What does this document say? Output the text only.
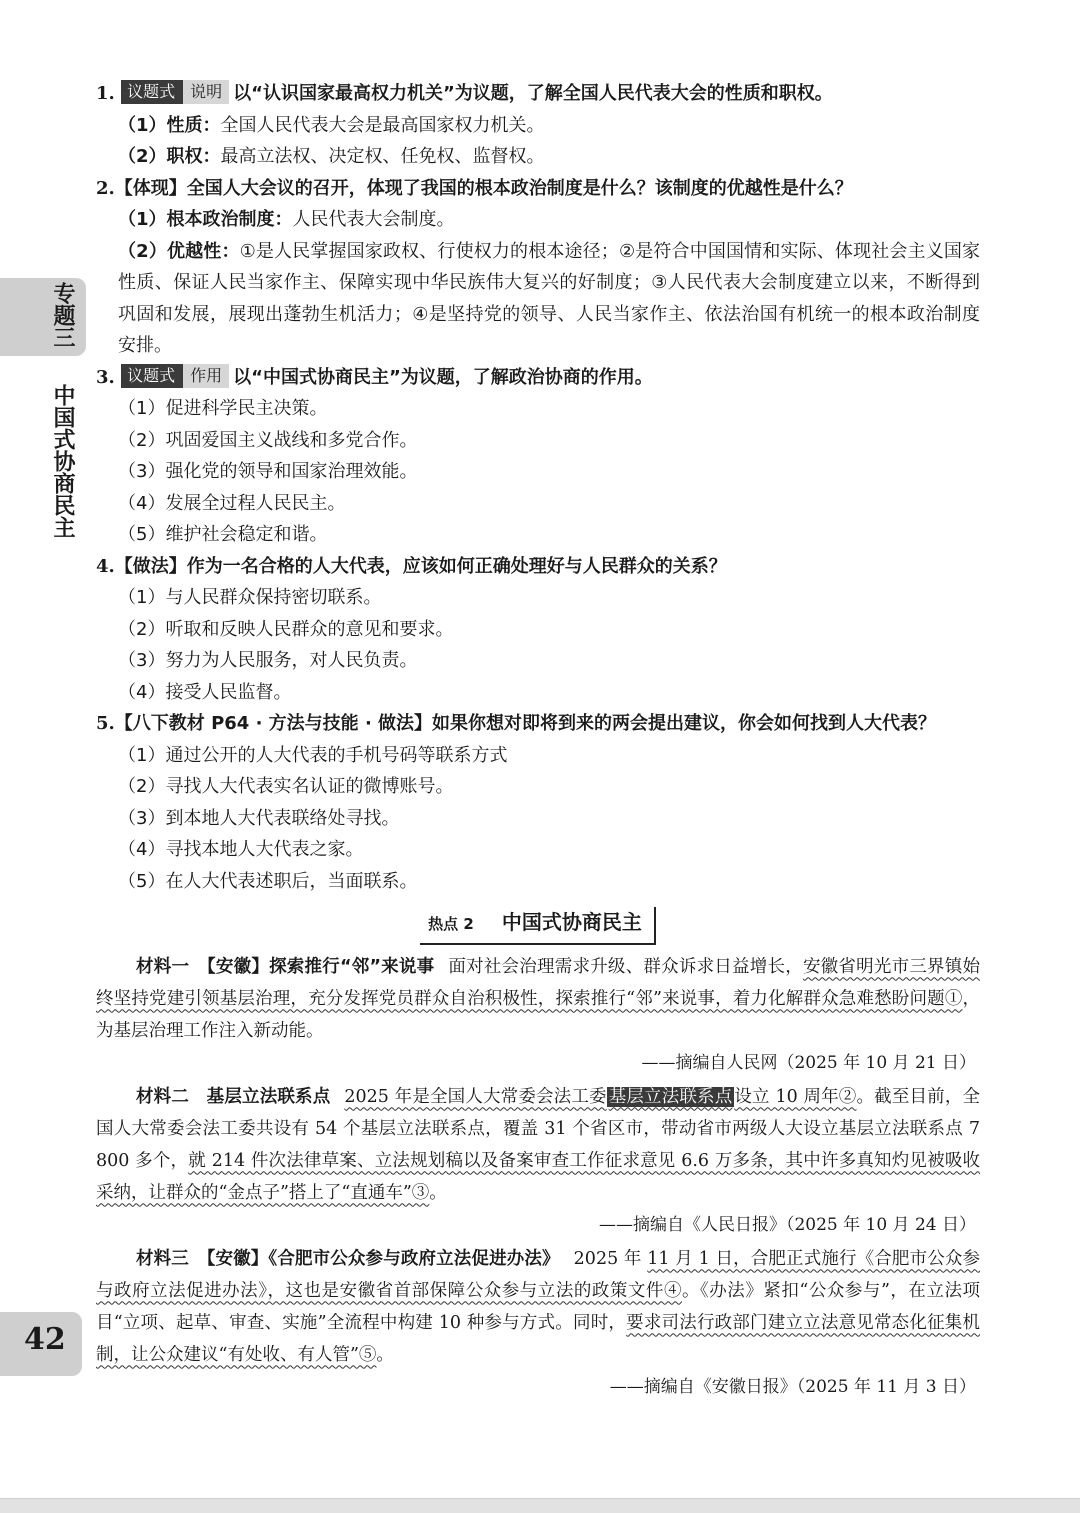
专题三
中国式协商民主
42
1. 议题式 说明 以“认识国家最高权力机关”为议题，了解全国人民代表大会的性质和职权。
（1）性质：全国人民代表大会是最高国家权力机关。
（2）职权：最高立法权、决定权、任免权、监督权。
2.【体现】全国人大会议的召开，体现了我国的根本政治制度是什么？该制度的优越性是什么？
（1）根本政治制度：人民代表大会制度。
（2）优越性：①是人民掌握国家政权、行使权力的根本途径；②是符合中国国情和实际、体现社会主义国家性质、保证人民当家作主、保障实现中华民族伟大复兴的好制度；③人民代表大会制度建立以来，不断得到巩固和发展，展现出蓬勃生机活力；④是坚持党的领导、人民当家作主、依法治国有机统一的根本政治制度安排。
3. 议题式 作用 以“中国式协商民主”为议题，了解政治协商的作用。
（1）促进科学民主决策。
（2）巩固爱国主义战线和多党合作。
（3）强化党的领导和国家治理效能。
（4）发展全过程人民民主。
（5）维护社会稳定和谐。
4.【做法】作为一名合格的人大代表，应该如何正确处理好与人民群众的关系？
（1）与人民群众保持密切联系。
（2）听取和反映人民群众的意见和要求。
（3）努力为人民服务，对人民负责。
（4）接受人民监督。
5.【八下教材 P64 · 方法与技能 · 做法】如果你想对即将到来的两会提出建议，你会如何找到人大代表？
（1）通过公开的人大代表的手机号码等联系方式
（2）寻找人大代表实名认证的微博账号。
（3）到本地人大代表联络处寻找。
（4）寻找本地人大代表之家。
（5）在人大代表述职后，当面联系。
热点 2 中国式协商民主
材料一　【安徽】探索推行“邻”来说事 面对社会治理需求升级、群众诉求日益增长，安徽省明光市三界镇始终坚持党建引领基层治理，充分发挥党员群众自治积极性，探索推行“邻”来说事，着力化解群众急难愁盼问题①，为基层治理工作注入新动能。
——摘编自人民网（2025 年 10 月 21 日）
材料二　基层立法联系点 2025 年是全国人大常委会法工委 基层立法联系点 设立 10 周年②。截至目前，全国人大常委会法工委共设有 54 个基层立法联系点，覆盖 31 个省区市，带动省市两级人大设立基层立法联系点 7 800 多个，就 214 件次法律草案、立法规划稿以及备案审查工作征求意见 6.6 万多条，其中许多真知灼见被吸收采纳，让群众的“金点子”搭上了“直通车”③。
——摘编自《人民日报》（2025 年 10 月 24 日）
材料三　【安徽】《合肥市公众参与政府立法促进办法》 2025 年 11 月 1 日，合肥正式施行《合肥市公众参与政府立法促进办法》，这也是安徽省首部保障公众参与立法的政策文件④。《办法》紧扣“公众参与”，在立法项目“立项、起草、审查、实施”全流程中构建 10 种参与方式。同时，要求司法行政部门建立立法意见常态化征集机制，让公众建议“有处收、有人管”⑤。
——摘编自《安徽日报》（2025 年 11 月 3 日）
